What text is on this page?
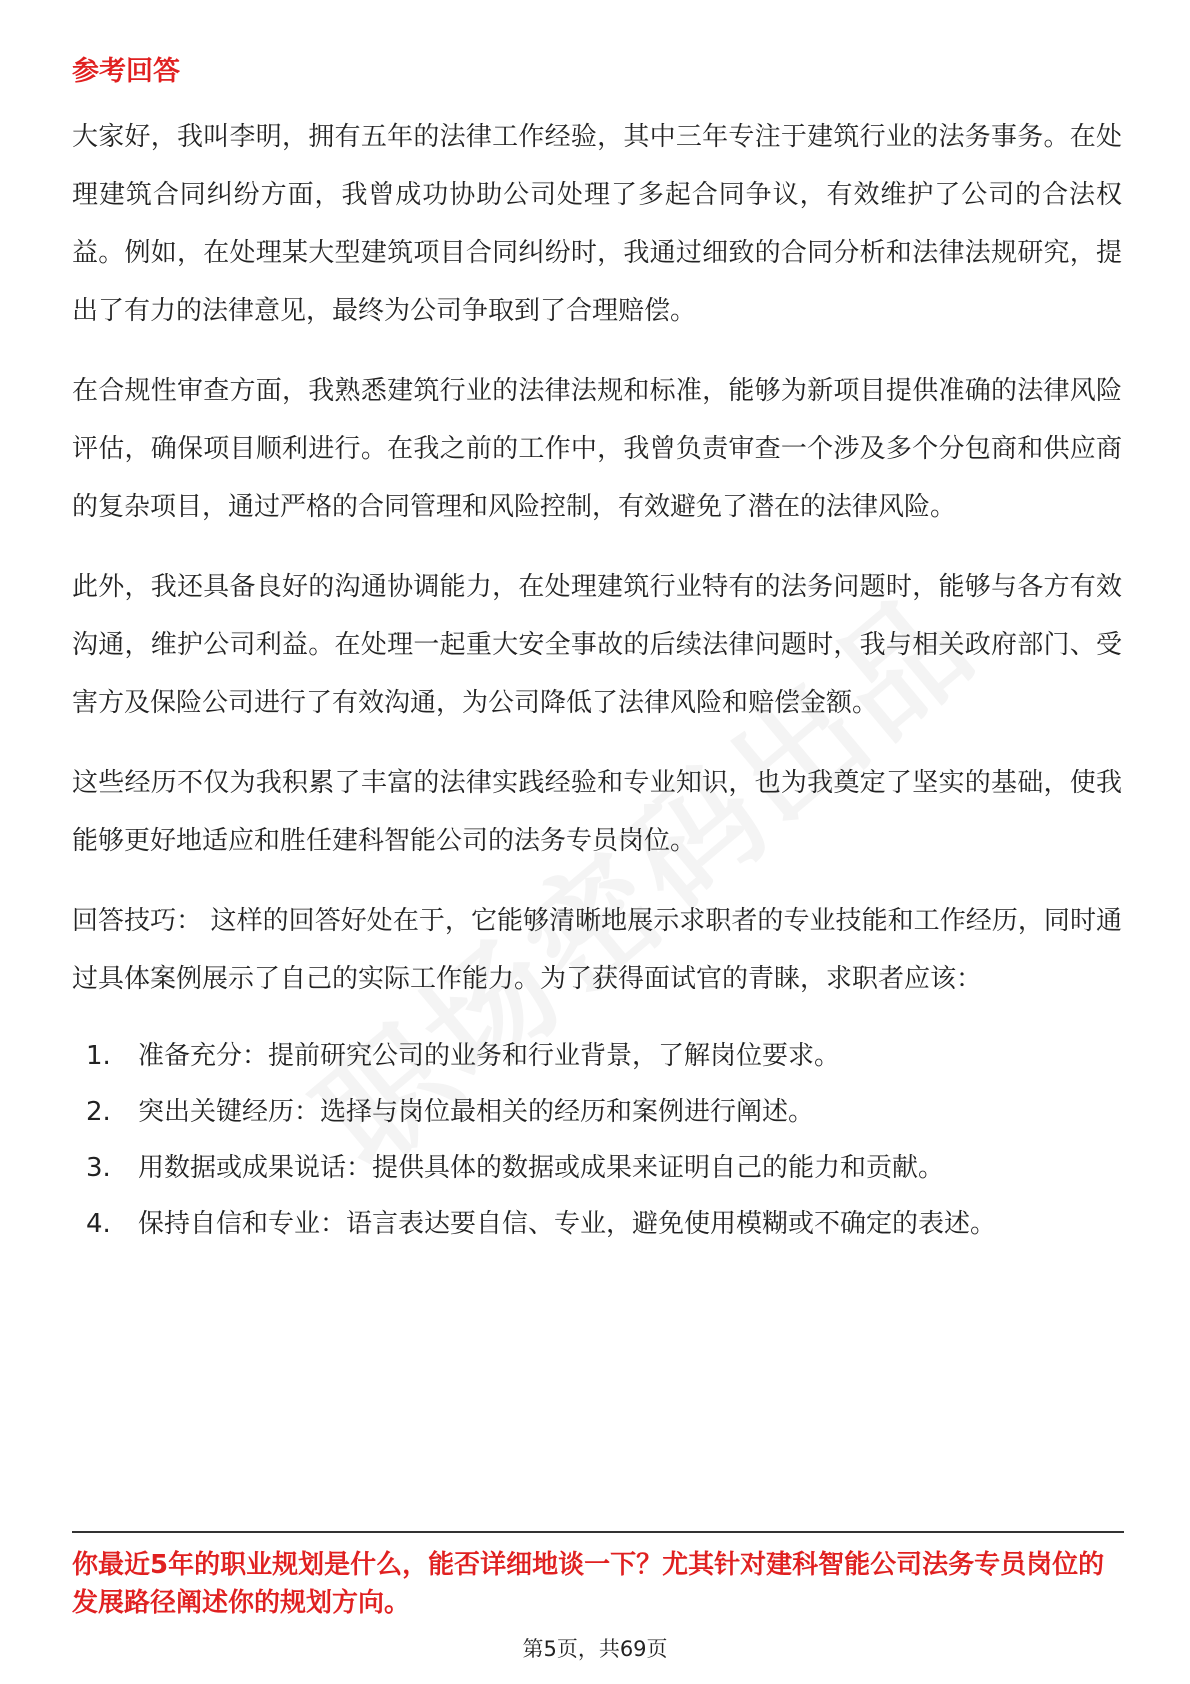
参考回答

大家好，我叫李明，拥有五年的法律工作经验，其中三年专注于建筑行业的法务事务。在处理建筑合同纠纷方面，我曾成功协助公司处理了多起合同争议，有效维护了公司的合法权益。例如，在处理某大型建筑项目合同纠纷时，我通过细致的合同分析和法律法规研究，提出了有力的法律意见，最终为公司争取到了合理赔偿。

在合规性审查方面，我熟悉建筑行业的法律法规和标准，能够为新项目提供准确的法律风险评估，确保项目顺利进行。在我之前的工作中，我曾负责审查一个涉及多个分包商和供应商的复杂项目，通过严格的合同管理和风险控制，有效避免了潜在的法律风险。

此外，我还具备良好的沟通协调能力，在处理建筑行业特有的法务问题时，能够与各方有效沟通，维护公司利益。在处理一起重大安全事故的后续法律问题时，我与相关政府部门、受害方及保险公司进行了有效沟通，为公司降低了法律风险和赔偿金额。

这些经历不仅为我积累了丰富的法律实践经验和专业知识，也为我奠定了坚实的基础，使我能够更好地适应和胜任建科智能公司的法务专员岗位。

回答技巧： 这样的回答好处在于，它能够清晰地展示求职者的专业技能和工作经历，同时通过具体案例展示了自己的实际工作能力。为了获得面试官的青睐，求职者应该：

1.	准备充分：提前研究公司的业务和行业背景，了解岗位要求。
2.	突出关键经历：选择与岗位最相关的经历和案例进行阐述。
3.	用数据或成果说话：提供具体的数据或成果来证明自己的能力和贡献。
4.	保持自信和专业：语言表达要自信、专业，避免使用模糊或不确定的表述。
你最近5年的职业规划是什么，能否详细地谈一下？尤其针对建科智能公司法务专员岗位的发展路径阐述你的规划方向。
第5页，共69页
